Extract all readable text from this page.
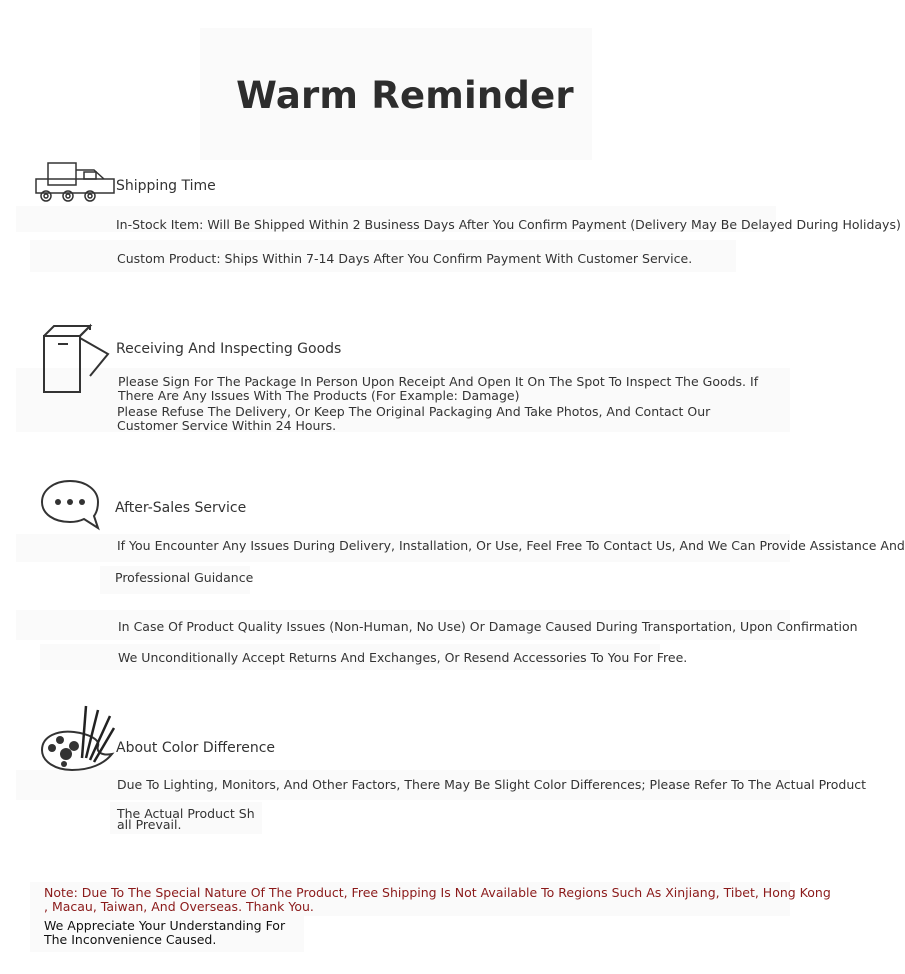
Warm Reminder
Shipping Time
In-Stock Item: Will Be Shipped Within 2 Business Days After You Confirm Payment (Delivery May Be Delayed During Holidays)
Custom Product: Ships Within 7-14 Days After You Confirm Payment With Customer Service.
Receiving And Inspecting Goods
Please Sign For The Package In Person Upon Receipt And Open It On The Spot To Inspect The Goods. If There Are Any Issues With The Products (For Example: Damage)
Please Refuse The Delivery, Or Keep The Original Packaging And Take Photos, And Contact Our Customer Service Within 24 Hours.
After-Sales Service
If You Encounter Any Issues During Delivery, Installation, Or Use, Feel Free To Contact Us, And We Can Provide Assistance And
Professional Guidance
In Case Of Product Quality Issues (Non-Human, No Use) Or Damage Caused During Transportation, Upon Confirmation
We Unconditionally Accept Returns And Exchanges, Or Resend Accessories To You For Free.
About Color Difference
Due To Lighting, Monitors, And Other Factors, There May Be Slight Color Differences; Please Refer To The Actual Product
The Actual Product Sh
all Prevail.
Note: Due To The Special Nature Of The Product, Free Shipping Is Not Available To Regions Such As Xinjiang, Tibet, Hong Kong
, Macau, Taiwan, And Overseas. Thank You.
We Appreciate Your Understanding For
The Inconvenience Caused.
